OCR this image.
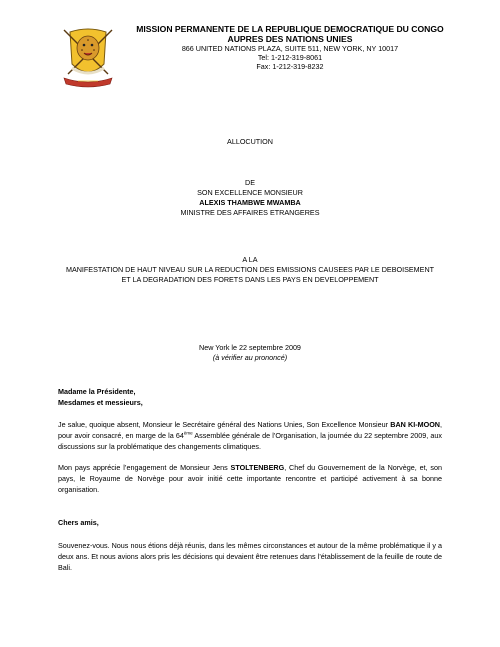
MISSION PERMANENTE DE LA REPUBLIQUE DEMOCRATIQUE DU CONGO
AUPRES DES NATIONS UNIES
866 UNITED NATIONS PLAZA, SUITE 511, NEW YORK, NY 10017
Tel: 1-212-319-8061
Fax: 1-212-319-8232
ALLOCUTION
DE
SON EXCELLENCE MONSIEUR
ALEXIS THAMBWE MWAMBA
MINISTRE DES AFFAIRES ETRANGERES
A LA
MANIFESTATION DE HAUT NIVEAU SUR LA REDUCTION DES EMISSIONS CAUSEES PAR LE DEBOISEMENT
ET LA DEGRADATION DES FORETS DANS LES PAYS EN DEVELOPPEMENT
New York le 22 septembre 2009
(à vérifier au prononcé)
Madame la Présidente,
Mesdames et messieurs,
Je salue, quoique absent, Monsieur le Secrétaire général des Nations Unies, Son Excellence Monsieur BAN KI-MOON, pour avoir consacré, en marge de la 64ème Assemblée générale de l’Organisation, la journée du 22 septembre 2009, aux discussions sur la problématique des changements climatiques.
Mon pays apprécie l’engagement de Monsieur Jens STOLTENBERG, Chef du Gouvernement de la Norvège, et, son pays, le Royaume de Norvège pour avoir initié cette importante rencontre et participé activement à sa bonne organisation.
Chers amis,
Souvenez-vous. Nous nous étions déjà réunis, dans les mêmes circonstances et autour de la même problématique il y a deux ans. Et nous avions alors pris les décisions qui devaient être retenues dans l’établissement de la feuille de route de Bali.
